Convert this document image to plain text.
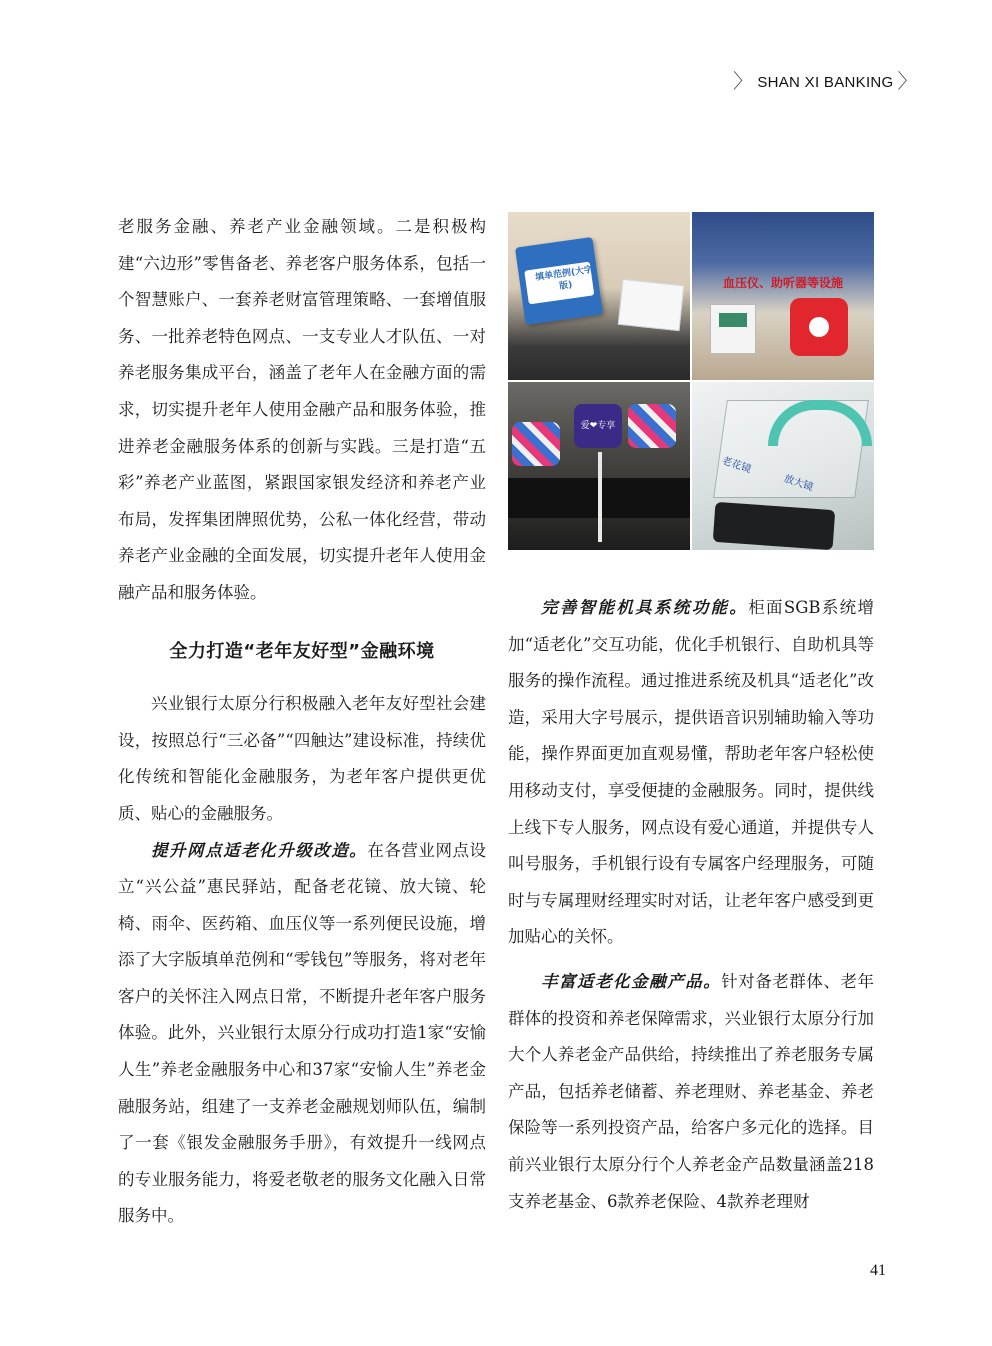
〉 SHAN XI BANKING 〉

老服务金融、养老产业金融领域。二是积极构建“六边形”零售备老、养老客户服务体系，包括一个智慧账户、一套养老财富管理策略、一套增值服务、一批养老特色网点、一支专业人才队伍、一对养老服务集成平台，涵盖了老年人在金融方面的需求，切实提升老年人使用金融产品和服务体验，推进养老金融服务体系的创新与实践。三是打造“五彩”养老产业蓝图，紧跟国家银发经济和养老产业布局，发挥集团牌照优势，公私一体化经营，带动养老产业金融的全面发展，切实提升老年人使用金融产品和服务体验。

全力打造“老年友好型”金融环境

兴业银行太原分行积极融入老年友好型社会建设，按照总行“三必备”“四触达”建设标准，持续优化传统和智能化金融服务，为老年客户提供更优质、贴心的金融服务。

提升网点适老化升级改造。在各营业网点设立“兴公益”惠民驿站，配备老花镜、放大镜、轮椅、雨伞、医药箱、血压仪等一系列便民设施，增添了大字版填单范例和“零钱包”等服务，将对老年客户的关怀注入网点日常，不断提升老年客户服务体验。此外，兴业银行太原分行成功打造1家“安愉人生”养老金融服务中心和37家“安愉人生”养老金融服务站，组建了一支养老金融规划师队伍，编制了一套《银发金融服务手册》，有效提升一线网点的专业服务能力，将爱老敬老的服务文化融入日常服务中。

填单范例(大字版)	血压仪、助听器等设施
爱❤专享
老花镜
放大镜

完善智能机具系统功能。柜面SGB系统增加“适老化”交互功能，优化手机银行、自助机具等服务的操作流程。通过推进系统及机具“适老化”改造，采用大字号展示，提供语音识别辅助输入等功能，操作界面更加直观易懂，帮助老年客户轻松使用移动支付，享受便捷的金融服务。同时，提供线上线下专人服务，网点设有爱心通道，并提供专人叫号服务，手机银行设有专属客户经理服务，可随时与专属理财经理实时对话，让老年客户感受到更加贴心的关怀。

丰富适老化金融产品。针对备老群体、老年群体的投资和养老保障需求，兴业银行太原分行加大个人养老金产品供给，持续推出了养老服务专属产品，包括养老储蓄、养老理财、养老基金、养老保险等一系列投资产品，给客户多元化的选择。目前兴业银行太原分行个人养老金产品数量涵盖218支养老基金、6款养老保险、4款养老理财

41
